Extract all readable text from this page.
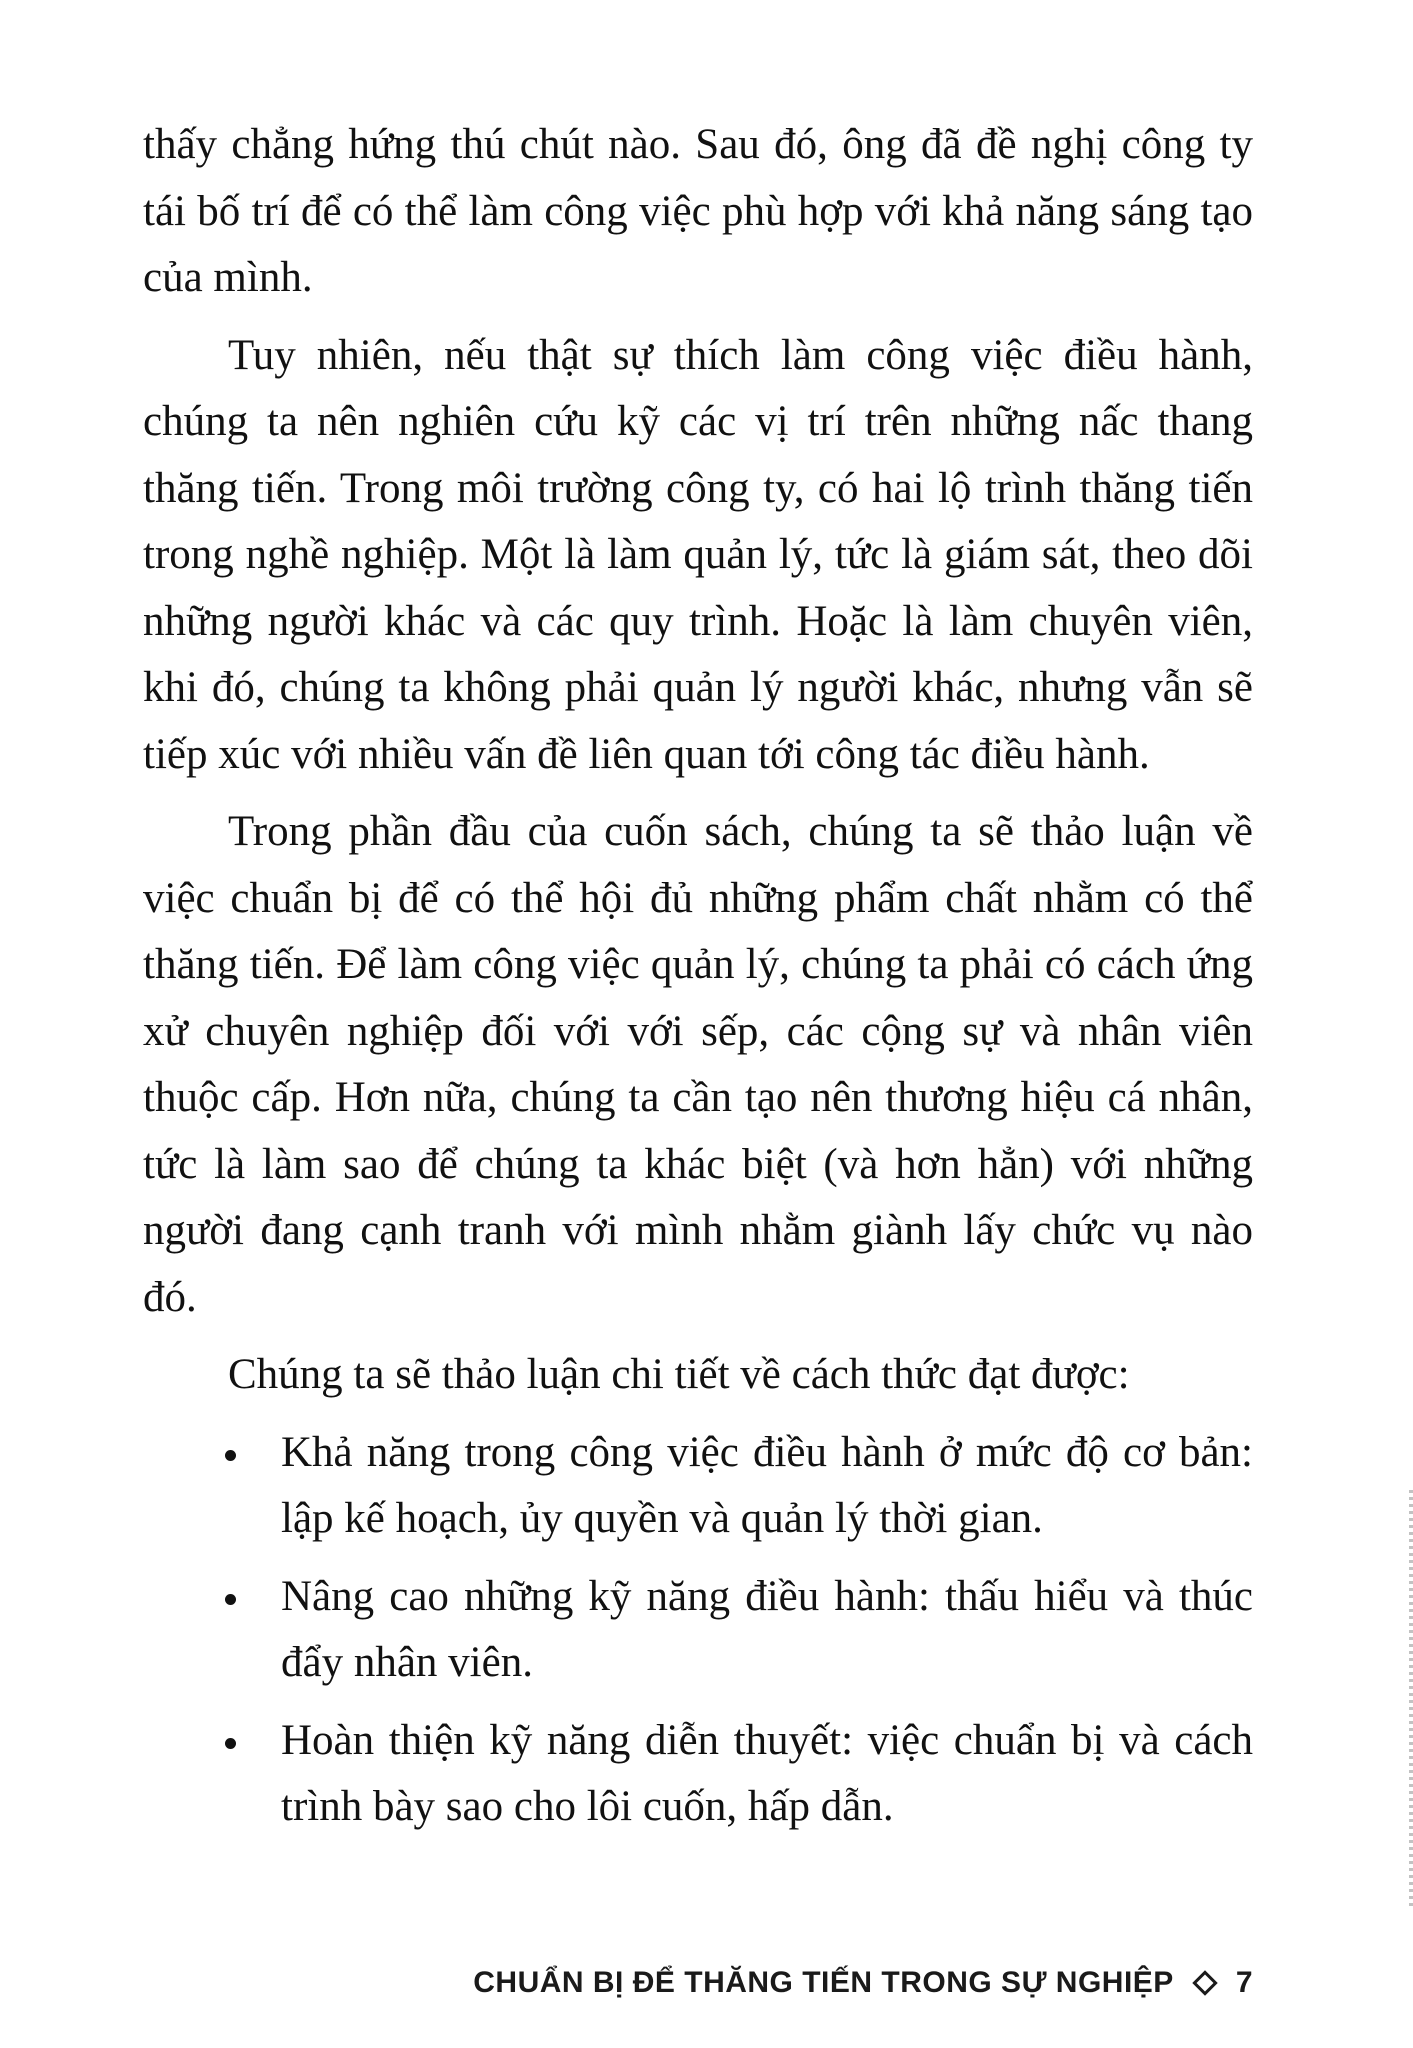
thấy chẳng hứng thú chút nào. Sau đó, ông đã đề nghị công ty tái bố trí để có thể làm công việc phù hợp với khả năng sáng tạo của mình.

Tuy nhiên, nếu thật sự thích làm công việc điều hành, chúng ta nên nghiên cứu kỹ các vị trí trên những nấc thang thăng tiến. Trong môi trường công ty, có hai lộ trình thăng tiến trong nghề nghiệp. Một là làm quản lý, tức là giám sát, theo dõi những người khác và các quy trình. Hoặc là làm chuyên viên, khi đó, chúng ta không phải quản lý người khác, nhưng vẫn sẽ tiếp xúc với nhiều vấn đề liên quan tới công tác điều hành.

Trong phần đầu của cuốn sách, chúng ta sẽ thảo luận về việc chuẩn bị để có thể hội đủ những phẩm chất nhằm có thể thăng tiến. Để làm công việc quản lý, chúng ta phải có cách ứng xử chuyên nghiệp đối với với sếp, các cộng sự và nhân viên thuộc cấp. Hơn nữa, chúng ta cần tạo nên thương hiệu cá nhân, tức là làm sao để chúng ta khác biệt (và hơn hẳn) với những người đang cạnh tranh với mình nhằm giành lấy chức vụ nào đó.

Chúng ta sẽ thảo luận chi tiết về cách thức đạt được:

Khả năng trong công việc điều hành ở mức độ cơ bản: lập kế hoạch, ủy quyền và quản lý thời gian.
Nâng cao những kỹ năng điều hành: thấu hiểu và thúc đẩy nhân viên.
Hoàn thiện kỹ năng diễn thuyết: việc chuẩn bị và cách trình bày sao cho lôi cuốn, hấp dẫn.
CHUẨN BỊ ĐỂ THĂNG TIẾN TRONG SỰ NGHIỆP 7
